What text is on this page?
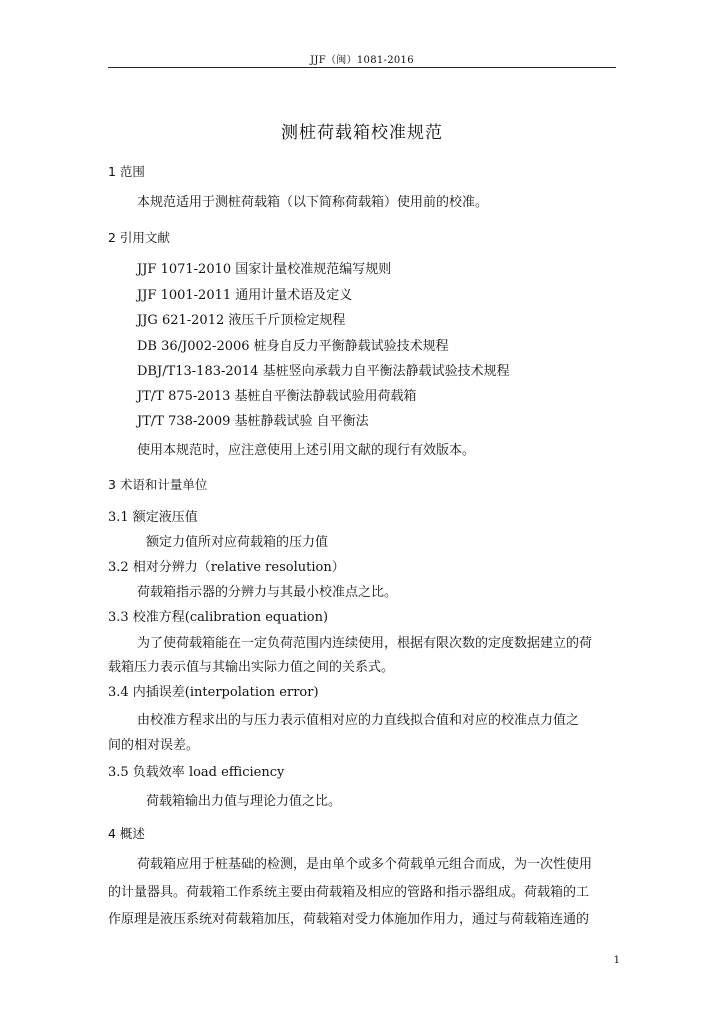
JJF（闽）1081-2016
测桩荷载箱校准规范
1 范围
本规范适用于测桩荷载箱（以下简称荷载箱）使用前的校准。
2 引用文献
JJF 1071-2010 国家计量校准规范编写规则
JJF 1001-2011 通用计量术语及定义
JJG 621-2012 液压千斤顶检定规程
DB 36/J002-2006 桩身自反力平衡静载试验技术规程
DBJ/T13-183-2014 基桩竖向承载力自平衡法静载试验技术规程
JT/T 875-2013 基桩自平衡法静载试验用荷载箱
JT/T 738-2009 基桩静载试验 自平衡法
使用本规范时，应注意使用上述引用文献的现行有效版本。
3 术语和计量单位
3.1 额定液压值
额定力值所对应荷载箱的压力值
3.2 相对分辨力（relative resolution）
荷载箱指示器的分辨力与其最小校准点之比。
3.3 校准方程(calibration equation)
为了使荷载箱能在一定负荷范围内连续使用，根据有限次数的定度数据建立的荷
载箱压力表示值与其输出实际力值之间的关系式。
3.4 内插误差(interpolation error)
由校准方程求出的与压力表示值相对应的力直线拟合值和对应的校准点力值之
间的相对误差。
3.5 负载效率 load efficiency
荷载箱输出力值与理论力值之比。
4 概述
荷载箱应用于桩基础的检测，是由单个或多个荷载单元组合而成，为一次性使用
的计量器具。荷载箱工作系统主要由荷载箱及相应的管路和指示器组成。荷载箱的工
作原理是液压系统对荷载箱加压，荷载箱对受力体施加作用力，通过与荷载箱连通的
1
